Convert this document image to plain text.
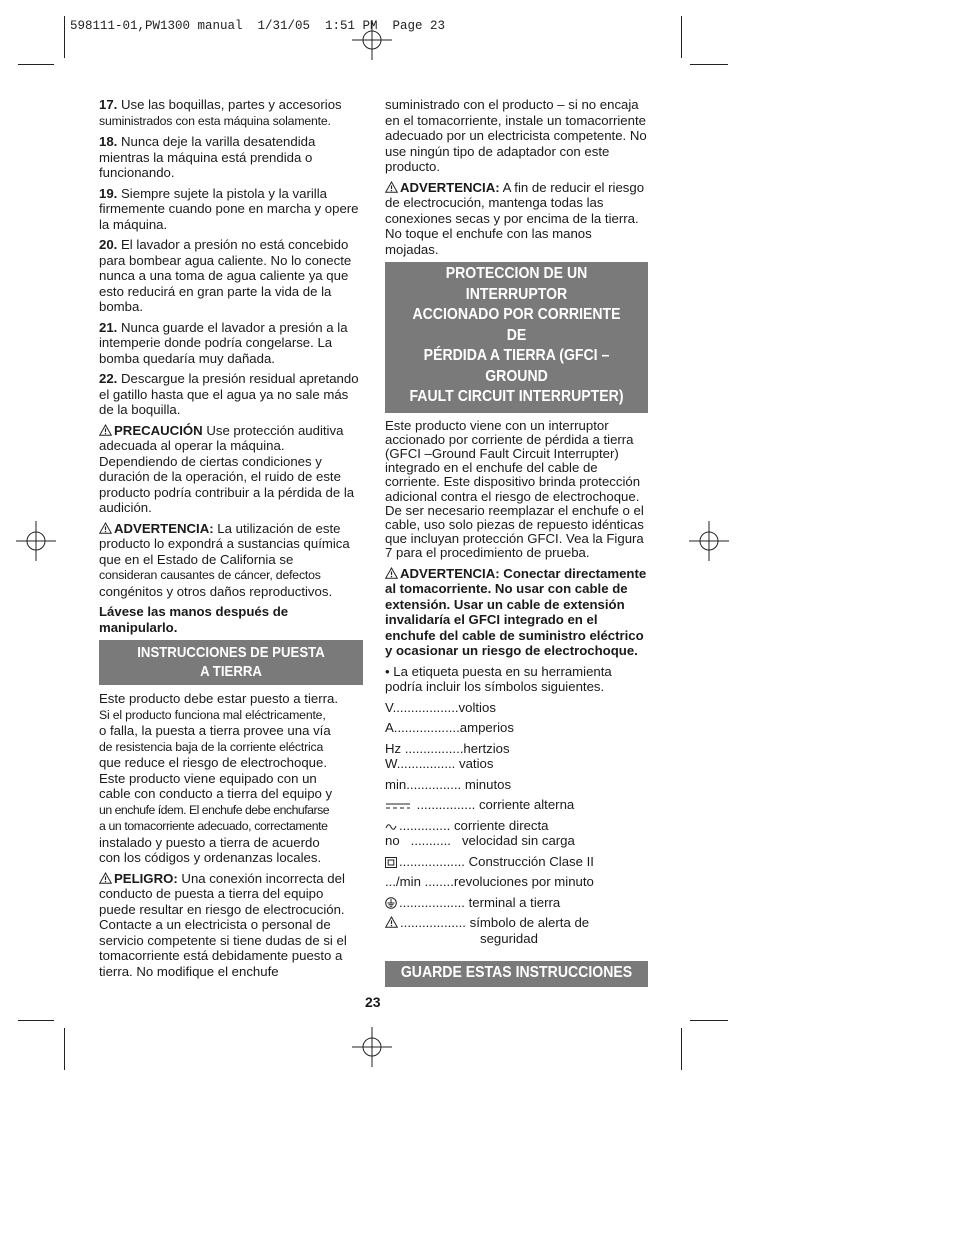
598111-01,PW1300 manual  1/31/05  1:51 PM  Page 23

17. Use las boquillas, partes y accesorios
suministrados con esta máquina solamente.

18. Nunca deje la varilla desatendida mientras la máquina está prendida o funcionando.

19. Siempre sujete la pistola y la varilla firmemente cuando pone en marcha y opere la máquina.

20. El lavador a presión no está concebido para bombear agua caliente. No lo conecte nunca a una toma de agua caliente ya que esto reducirá en gran parte la vida de la bomba.

21. Nunca guarde el lavador a presión a la intemperie donde podría congelarse. La bomba quedaría muy dañada.

22. Descargue la presión residual apretando el gatillo hasta que el agua ya no sale más de la boquilla.

PRECAUCIÓN Use protección auditiva adecuada al operar la máquina. Dependiendo de ciertas condiciones y duración de la operación, el ruido de este producto podría contribuir a la pérdida de la audición.

ADVERTENCIA: La utilización de este producto lo expondrá a sustancias química que en el Estado de California se
consideran causantes de cáncer, defectos
congénitos y otros daños reproductivos.

Lávese las manos después de manipularlo.

INSTRUCCIONES DE PUESTA
A TIERRA

Este producto debe estar puesto a tierra.
Si el producto funciona mal eléctricamente,
o falla, la puesta a tierra provee una vía
de resistencia baja de la corriente eléctrica
que reduce el riesgo de electrochoque.
Este producto viene equipado con un
cable con conducto a tierra del equipo y
un enchufe ídem. El enchufe debe enchufarse
a un tomacorriente adecuado, correctamente
instalado y puesto a tierra de acuerdo
con los códigos y ordenanzas locales.

PELIGRO: Una conexión incorrecta del conducto de puesta a tierra del equipo puede resultar en riesgo de electrocución. Contacte a un electricista o personal de servicio competente si tiene dudas de si el tomacorriente está debidamente puesto a tierra. No modifique el enchufe

suministrado con el producto – si no encaja en el tomacorriente, instale un tomacorriente adecuado por un electricista competente. No use ningún tipo de adaptador con este producto.

ADVERTENCIA: A fin de reducir el riesgo de electrocución, mantenga todas las conexiones secas y por encima de la tierra. No toque el enchufe con las manos mojadas.

PROTECCION DE UN INTERRUPTOR
ACCIONADO POR CORRIENTE DE
PÉRDIDA A TIERRA (GFCI – GROUND
FAULT CIRCUIT INTERRUPTER)

Este producto viene con un interruptor accionado por corriente de pérdida a tierra (GFCI –Ground Fault Circuit Interrupter) integrado en el enchufe del cable de corriente. Este dispositivo brinda protección adicional contra el riesgo de electrochoque. De ser necesario reemplazar el enchufe o el cable, uso solo piezas de repuesto idénticas que incluyan protección GFCI. Vea la Figura 7 para el procedimiento de prueba.

ADVERTENCIA: Conectar directamente al tomacorriente. No usar con cable de extensión. Usar un cable de extensión invalidaría el GFCI integrado en el enchufe del cable de suministro eléctrico y ocasionar un riesgo de electrochoque.

• La etiqueta puesta en su herramienta podría incluir los símbolos siguientes.

V..................voltios

A..................amperios

Hz ................hertzios

W................ vatios

min............... minutos

................ corriente alterna

.............. corriente directa

no   ...........   velocidad sin carga

.................. Construcción Clase II

.../min ........revoluciones por minuto

.................. terminal a tierra

.................. símbolo de alerta de

seguridad

GUARDE ESTAS INSTRUCCIONES
23
